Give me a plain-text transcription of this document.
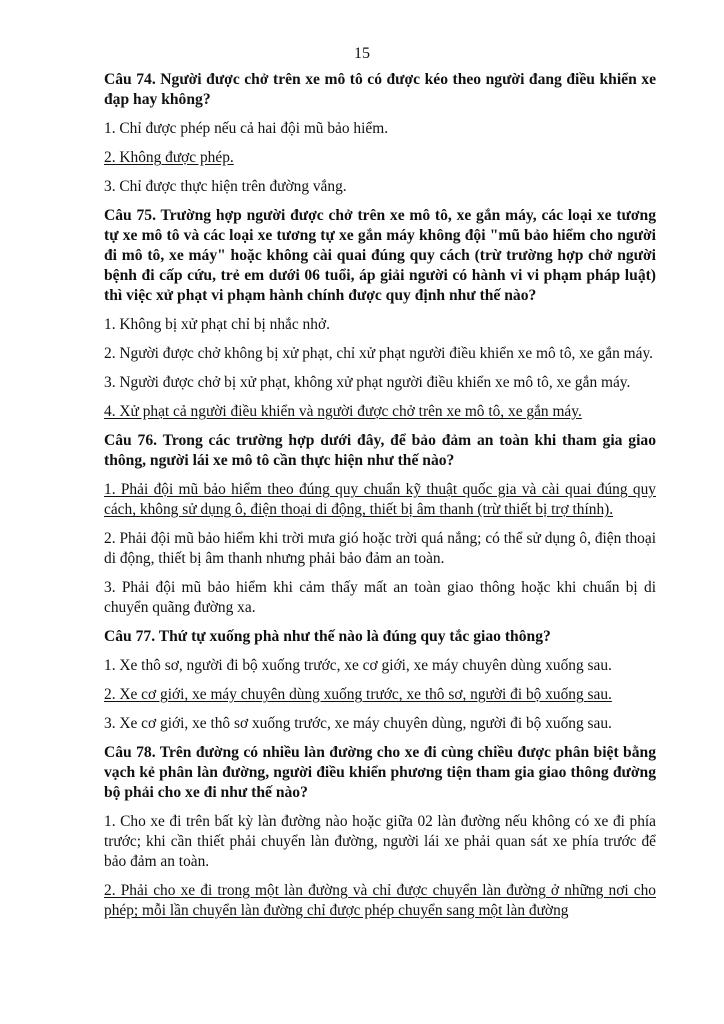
15

Câu 74. Người được chở trên xe mô tô có được kéo theo người đang điều khiển xe đạp hay không?

1. Chỉ được phép nếu cả hai đội mũ bảo hiểm.

2. Không được phép.

3. Chỉ được thực hiện trên đường vắng.

Câu 75. Trường hợp người được chở trên xe mô tô, xe gắn máy, các loại xe tương tự xe mô tô và các loại xe tương tự xe gắn máy không đội "mũ bảo hiểm cho người đi mô tô, xe máy" hoặc không cài quai đúng quy cách (trừ trường hợp chở người bệnh đi cấp cứu, trẻ em dưới 06 tuổi, áp giải người có hành vi vi phạm pháp luật) thì việc xử phạt vi phạm hành chính được quy định như thế nào?

1. Không bị xử phạt chỉ bị nhắc nhở.

2. Người được chở không bị xử phạt, chỉ xử phạt người điều khiển xe mô tô, xe gắn máy.

3. Người được chở bị xử phạt, không xử phạt người điều khiển xe mô tô, xe gắn máy.

4. Xử phạt cả người điều khiển và người được chở trên xe mô tô, xe gắn máy.

Câu 76. Trong các trường hợp dưới đây, để bảo đảm an toàn khi tham gia giao thông, người lái xe mô tô cần thực hiện như thế nào?

1. Phải đội mũ bảo hiểm theo đúng quy chuẩn kỹ thuật quốc gia và cài quai đúng quy cách, không sử dụng ô, điện thoại di động, thiết bị âm thanh (trừ thiết bị trợ thính).

2. Phải đội mũ bảo hiểm khi trời mưa gió hoặc trời quá nắng; có thể sử dụng ô, điện thoại di động, thiết bị âm thanh nhưng phải bảo đảm an toàn.

3. Phải đội mũ bảo hiểm khi cảm thấy mất an toàn giao thông hoặc khi chuẩn bị di chuyển quãng đường xa.

Câu 77. Thứ tự xuống phà như thế nào là đúng quy tắc giao thông?

1. Xe thô sơ, người đi bộ xuống trước, xe cơ giới, xe máy chuyên dùng xuống sau.

2. Xe cơ giới, xe máy chuyên dùng xuống trước, xe thô sơ, người đi bộ xuống sau.

3. Xe cơ giới, xe thô sơ xuống trước, xe máy chuyên dùng, người đi bộ xuống sau.

Câu 78. Trên đường có nhiều làn đường cho xe đi cùng chiều được phân biệt bằng vạch kẻ phân làn đường, người điều khiển phương tiện tham gia giao thông đường bộ phải cho xe đi như thế nào?

1. Cho xe đi trên bất kỳ làn đường nào hoặc giữa 02 làn đường nếu không có xe đi phía trước; khi cần thiết phải chuyển làn đường, người lái xe phải quan sát xe phía trước để bảo đảm an toàn.

2. Phải cho xe đi trong một làn đường và chỉ được chuyển làn đường ở những nơi cho phép; mỗi lần chuyển làn đường chỉ được phép chuyển sang một làn đường
